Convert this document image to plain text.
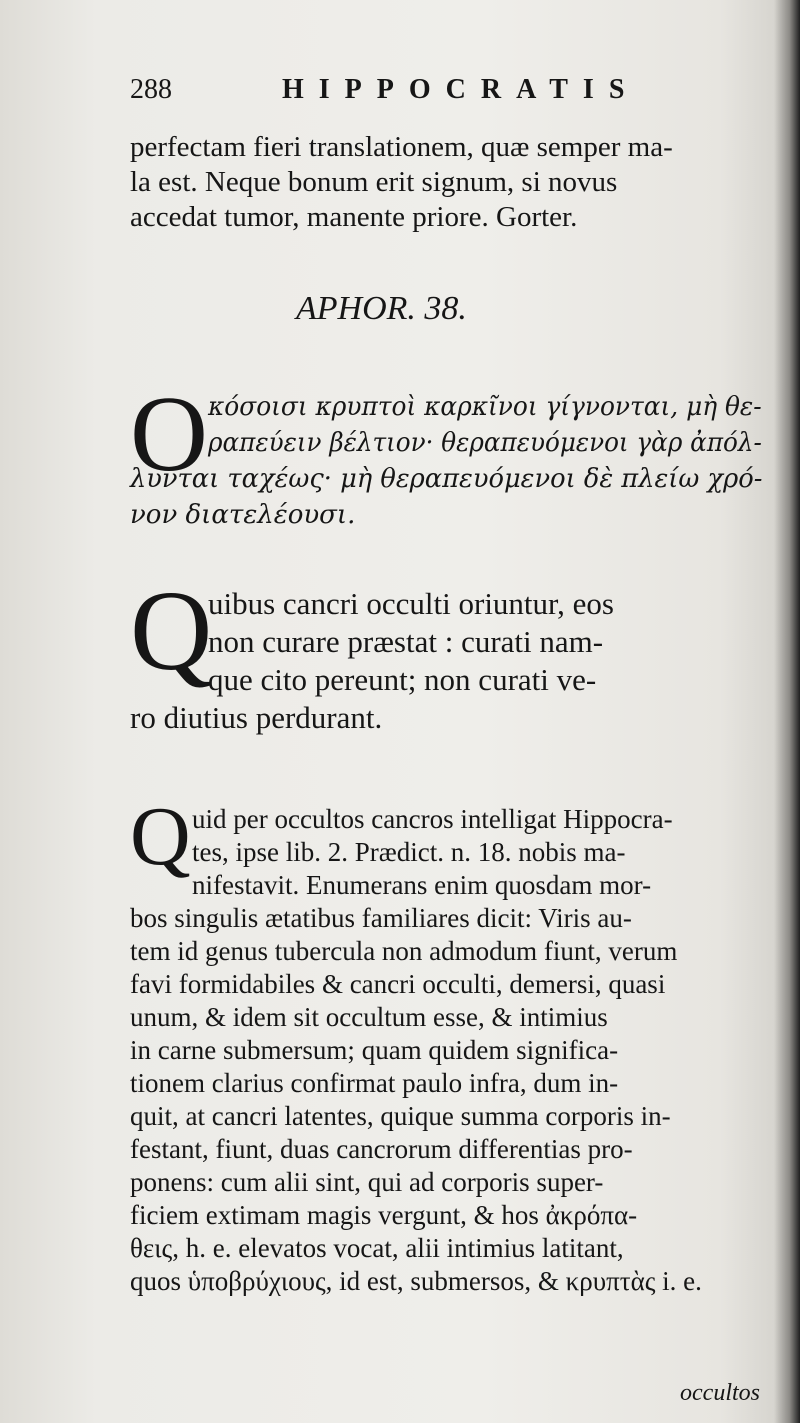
288	HIPPOCRATIS
perfectam fieri translationem, quæ semper ma-
la est. Neque bonum erit signum, si novus
accedat tumor, manente priore. Gorter.
APHOR. 38.
O κόσοισι κρυπτοὶ καρκῖνοι γίγνονται, μὴ θε-
ραπεύειν βέλτιον· θεραπευόμενοι γὰρ ἀπόλ-
λυνται ταχέως· μὴ θεραπευόμενοι δὲ πλείω χρό-
νον διατελέουσι.
Q
uibus cancri occulti oriuntur, eos
non curare præstat : curati nam-
que cito pereunt; non curati ve-
ro diutius perdurant.
Q uid per occultos cancros intelligat Hippocra-
tes, ipse lib. 2. Prædict. n. 18. nobis ma-
nifestavit. Enumerans enim quosdam mor-
bos singulis ætatibus familiares dicit: Viris au-
tem id genus tubercula non admodum fiunt, verum
favi formidabiles & cancri occulti, demersi, quasi
unum, & idem sit occultum esse, & intimius
in carne submersum; quam quidem significa-
tionem clarius confirmat paulo infra, dum in-
quit, at cancri latentes, quique summa corporis in-
festant, fiunt, duas cancrorum differentias pro-
ponens: cum alii sint, qui ad corporis super-
ficiem extimam magis vergunt, & hos ἀκρόπα-
θεις, h. e. elevatos vocat, alii intimius latitant,
quos ὑποβρύχιους, id est, submersos, & κρυπτὰς i. e.
occultos
